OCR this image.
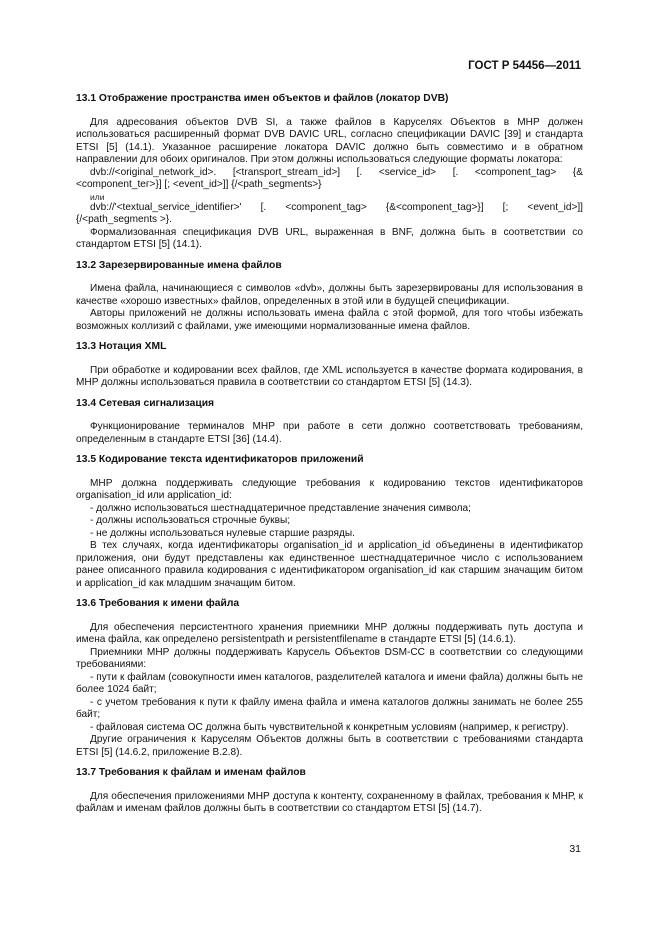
ГОСТ Р 54456—2011
13.1 Отображение пространства имен объектов и файлов (локатор DVB)

Для адресования объектов DVB SI, а также файлов в Каруселях Объектов в МНР должен использоваться расширенный формат DVB DAVIC URL, согласно спецификации DAVIC [39] и стандарта ETSI [5] (14.1). Указанное расширение локатора DAVIC должно быть совместимо и в обратном направлении для обоих оригиналов. При этом должны использоваться следующие форматы локатора:

dvb://<original_network_id>. [<transport_stream_id>] [. <service_id> [. <component_tag> {&<component_teг>}] [; <event_id>]] {/<path_segments>}

или

dvb://'<textual_service_identifier>' [. <component_tag> {&<component_tag>}] [; <event_id>]] {/<path_segments >}.

Формализованная спецификация DVB URL, выраженная в BNF, должна быть в соответствии со стандартом ETSI [5] (14.1).

13.2 Зарезервированные имена файлов

Имена файла, начинающиеся с символов «dvb», должны быть зарезервированы для использования в качестве «хорошо известных» файлов, определенных в этой или в будущей спецификации.

Авторы приложений не должны использовать имена файла с этой формой, для того чтобы избежать возможных коллизий с файлами, уже имеющими нормализованные имена файлов.

13.3 Нотация XML

При обработке и кодировании всех файлов, где XML используется в качестве формата кодирования, в МНР должны использоваться правила в соответствии со стандартом ETSI [5] (14.3).

13.4 Сетевая сигнализация

Функционирование терминалов МНР при работе в сети должно соответствовать требованиям, определенным в стандарте ETSI [36] (14.4).

13.5 Кодирование текста идентификаторов приложений

МНР должна поддерживать следующие требования к кодированию текстов идентификаторов organisation_id или application_id:

- должно использоваться шестнадцатеричное представление значения символа;

- должны использоваться строчные буквы;

- не должны использоваться нулевые старшие разряды.

В тех случаях, когда идентификаторы organisation_id и application_id объединены в идентификатор приложения, они будут представлены как единственное шестнадцатеричное число с использованием ранее описанного правила кодирования с идентификатором organisation_id как старшим значащим битом и application_id как младшим значащим битом.

13.6 Требования к имени файла

Для обеспечения персистентного хранения приемники МНР должны поддерживать путь доступа и имена файла, как определено persistentpath и persistentfilename в стандарте ETSI [5] (14.6.1).

Приемники МНР должны поддерживать Карусель Объектов DSM-CC в соответствии со следующими требованиями:

- пути к файлам (совокупности имен каталогов, разделителей каталога и имени файла) должны быть не более 1024 байт;

- с учетом требования к пути к файлу имена файла и имена каталогов должны занимать не более 255 байт;

- файловая система ОС должна быть чувствительной к конкретным условиям (например, к регистру).

Другие ограничения к Каруселям Объектов должны быть в соответствии с требованиями стандарта ETSI [5] (14.6.2, приложение B.2.8).

13.7 Требования к файлам и именам файлов

Для обеспечения приложениями МНР доступа к контенту, сохраненному в файлах, требования к МНР, к файлам и именам файлов должны быть в соответствии со стандартом ETSI [5] (14.7).

31
